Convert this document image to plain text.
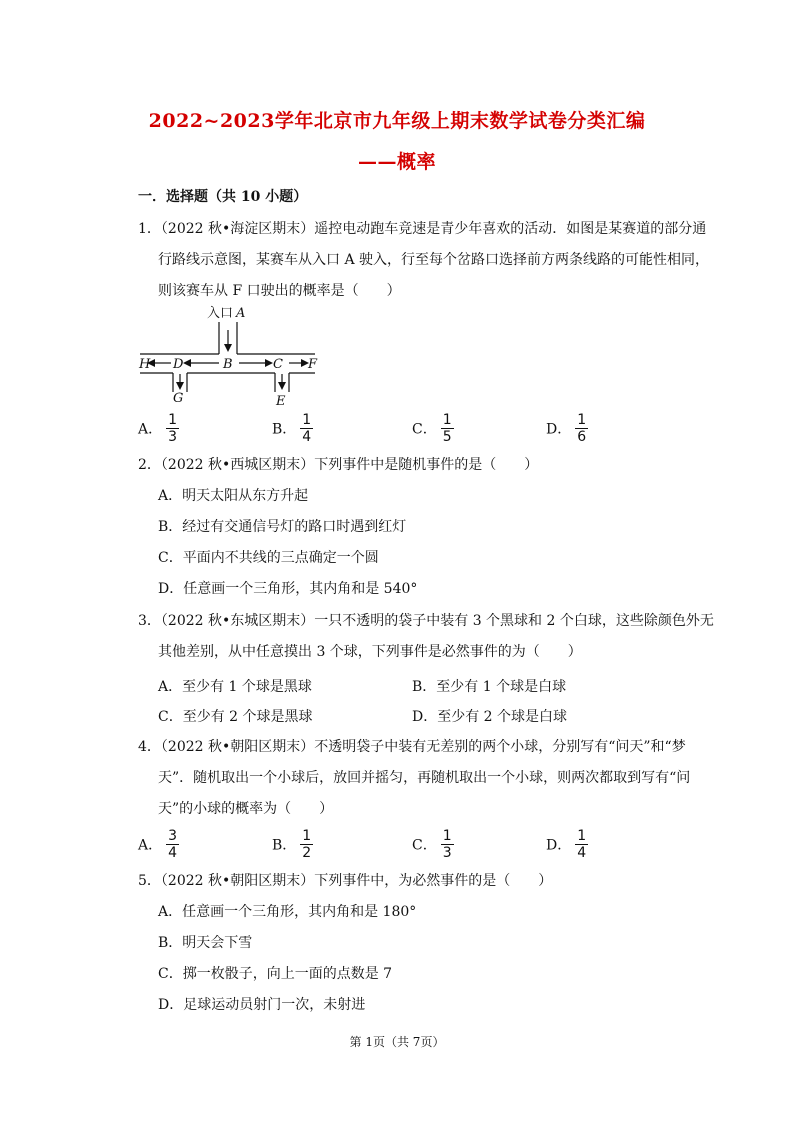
2022~2023学年北京市九年级上期末数学试卷分类汇编
——概率
一．选择题（共 10 小题）
1．（2022 秋•海淀区期末）遥控电动跑车竞速是青少年喜欢的活动．如图是某赛道的部分通
行路线示意图，某赛车从入口 A 驶入，行至每个岔路口选择前方两条线路的可能性相同，
则该赛车从 F 口驶出的概率是（　　）
入口 A
H D	B	C F
G	E
A． $\frac{1}{3}$	B． $\frac{1}{4}$	C． $\frac{1}{5}$	D． $\frac{1}{6}$
2．（2022 秋•西城区期末）下列事件中是随机事件的是（　　）
A．明天太阳从东方升起
B．经过有交通信号灯的路口时遇到红灯
C．平面内不共线的三点确定一个圆
D．任意画一个三角形，其内角和是 540°
3．（2022 秋•东城区期末）一只不透明的袋子中装有 3 个黑球和 2 个白球，这些除颜色外无
其他差别，从中任意摸出 3 个球，下列事件是必然事件的为（　　）
A．至少有 1 个球是黑球	B．至少有 1 个球是白球
C．至少有 2 个球是黑球	D．至少有 2 个球是白球
4．（2022 秋•朝阳区期末）不透明袋子中装有无差别的两个小球，分别写有“问天”和“梦
天”．随机取出一个小球后，放回并摇匀，再随机取出一个小球，则两次都取到写有“问
天”的小球的概率为（　　）
A． $\frac{3}{4}$	B． $\frac{1}{2}$	C． $\frac{1}{3}$	D． $\frac{1}{4}$
5．（2022 秋•朝阳区期末）下列事件中，为必然事件的是（　　）
A．任意画一个三角形，其内角和是 180°
B．明天会下雪
C．掷一枚骰子，向上一面的点数是 7
D．足球运动员射门一次，未射进
第 1页（共 7页）
